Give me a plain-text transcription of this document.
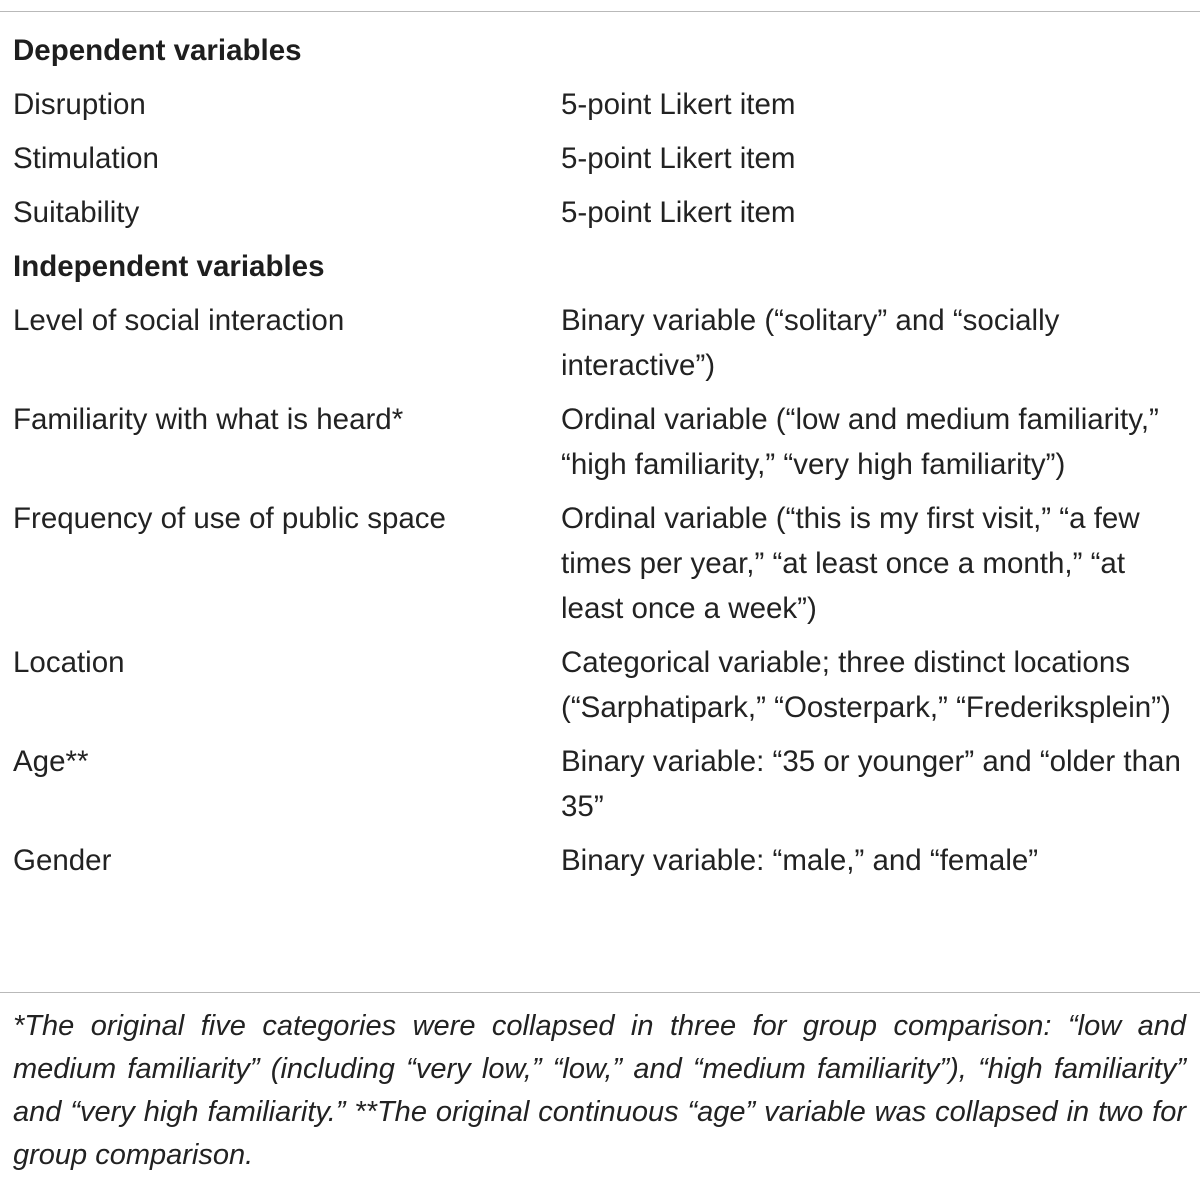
Dependent variables
Disruption	5-point Likert item
Stimulation	5-point Likert item
Suitability	5-point Likert item
Independent variables
Level of social interaction	Binary variable (“solitary” and “socially interactive”)
Familiarity with what is heard*	Ordinal variable (“low and medium familiarity,” “high familiarity,” “very high familiarity”)
Frequency of use of public space	Ordinal variable (“this is my first visit,” “a few times per year,” “at least once a month,” “at least once a week”)
Location	Categorical variable; three distinct locations (“Sarphatipark,” “Oosterpark,” “Frederiksplein”)
Age**	Binary variable: “35 or younger” and “older than 35”
Gender	Binary variable: “male,” and “female”
*The original five categories were collapsed in three for group comparison: “low and medium familiarity” (including “very low,” “low,” and “medium familiarity”), “high familiarity” and “very high familiarity.” **The original continuous “age” variable was collapsed in two for group comparison.
